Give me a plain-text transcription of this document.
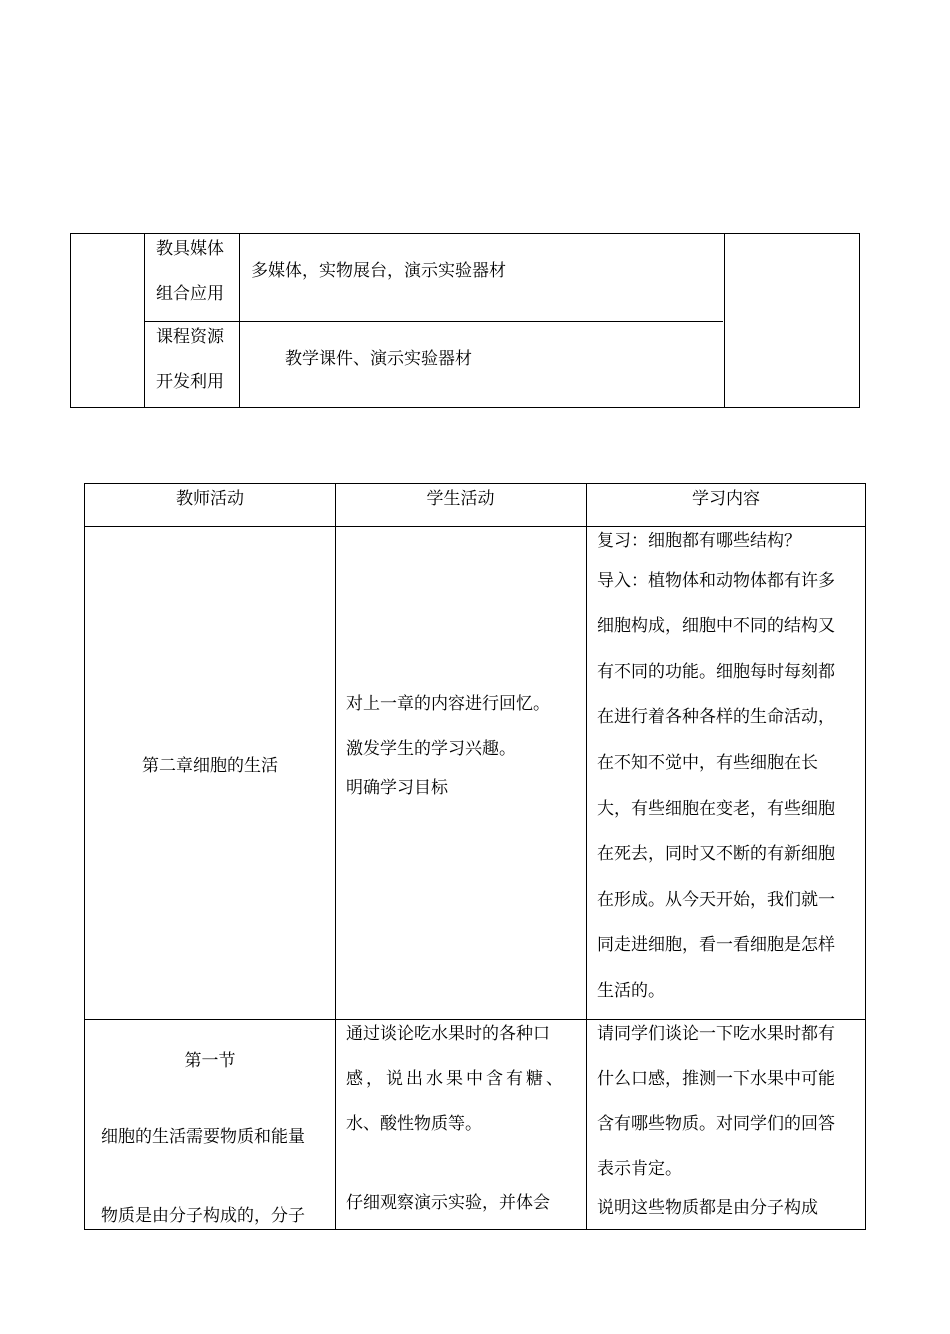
教具媒体
组合应用
多媒体，实物展台，演示实验器材
课程资源
开发利用
教学课件、演示实验器材
教师活动	学生活动	学习内容
第二章细胞的生活
对上一章的内容进行回忆。
激发学生的学习兴趣。
明确学习目标
复习：细胞都有哪些结构？
导入：植物体和动物体都有许多
细胞构成，细胞中不同的结构又
有不同的功能。细胞每时每刻都
在进行着各种各样的生命活动，
在不知不觉中，有些细胞在长
大，有些细胞在变老，有些细胞
在死去，同时又不断的有新细胞
在形成。从今天开始，我们就一
同走进细胞，看一看细胞是怎样
生活的。
第一节
细胞的生活需要物质和能量
物质是由分子构成的，分子
通过谈论吃水果时的各种口
感，说出水果中含有糖、
水、酸性物质等。
仔细观察演示实验，并体会
请同学们谈论一下吃水果时都有
什么口感，推测一下水果中可能
含有哪些物质。对同学们的回答
表示肯定。
说明这些物质都是由分子构成
